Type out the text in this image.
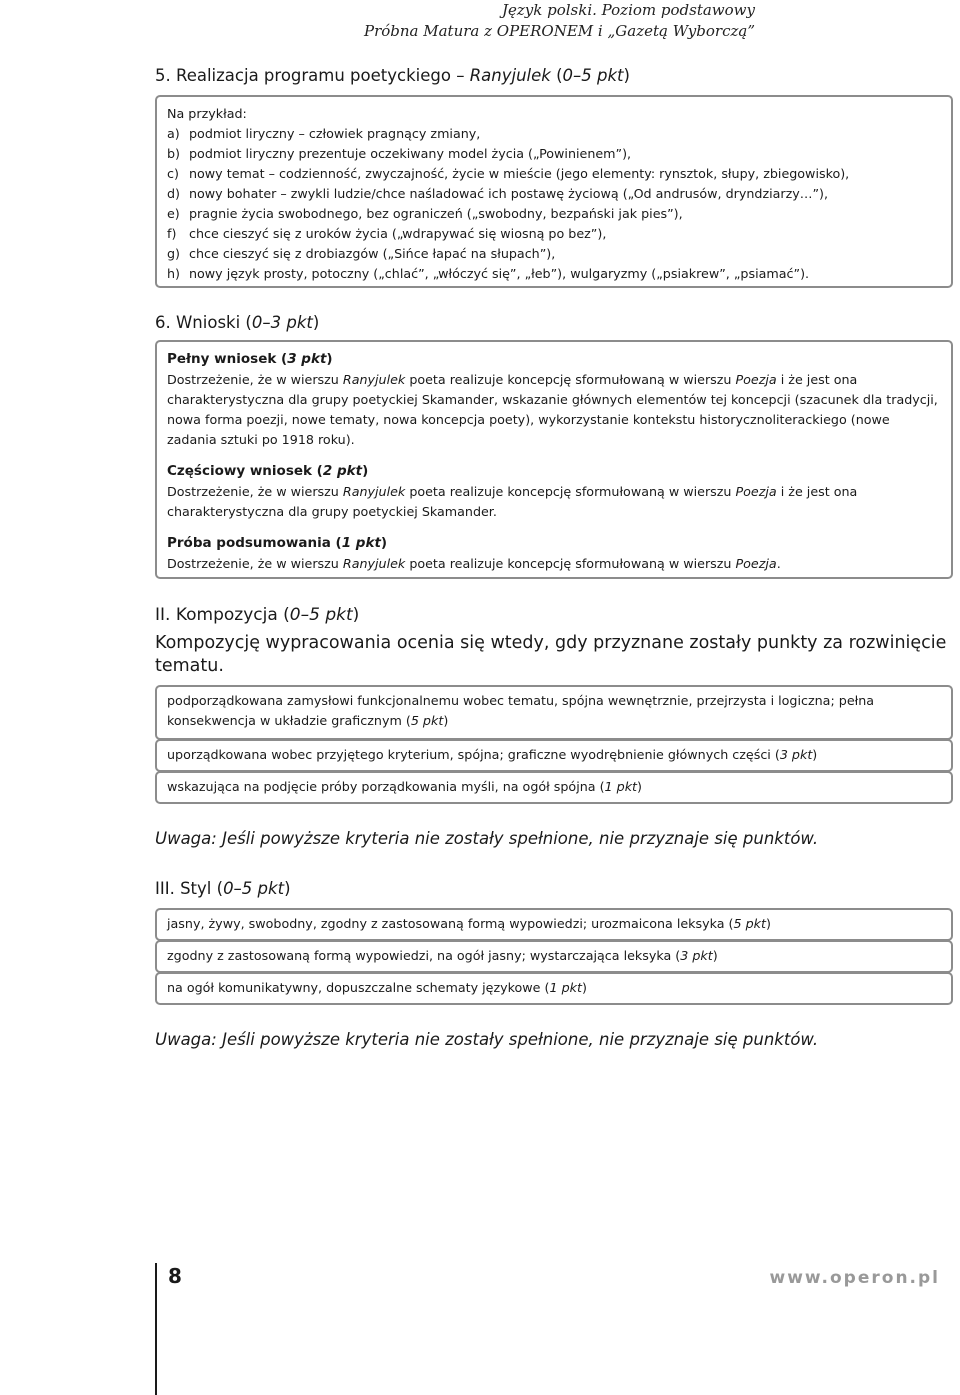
Język polski. Poziom podstawowy
Próbna Matura z OPERONEM i „Gazetą Wyborczą”
5. Realizacja programu poetyckiego – Ranyjulek (0–5 pkt)
Na przykład:
a) podmiot liryczny – człowiek pragnący zmiany,
b) podmiot liryczny prezentuje oczekiwany model życia („Powinienem”),
c) nowy temat – codzienność, zwyczajność, życie w mieście (jego elementy: rynsztok, słupy, zbiegowisko),
d) nowy bohater – zwykli ludzie/chce naśladować ich postawę życiową („Od andrusów, dryndziarzy…”),
e) pragnie życia swobodnego, bez ograniczeń („swobodny, bezpański jak pies”),
f) chce cieszyć się z uroków życia („wdrapywać się wiosną po bez”),
g) chce cieszyć się z drobiazgów („Sińce łapać na słupach”),
h) nowy język prosty, potoczny („chlać”, „włóczyć się”, „łeb”), wulgaryzmy („psiakrew”, „psiamać”).
6. Wnioski (0–3 pkt)
Pełny wniosek (3 pkt)
Dostrzeżenie, że w wierszu Ranyjulek poeta realizuje koncepcję sformułowaną w wierszu Poezja i że jest ona charakterystyczna dla grupy poetyckiej Skamander, wskazanie głównych elementów tej koncepcji (szacunek dla tradycji, nowa forma poezji, nowe tematy, nowa koncepcja poety), wykorzystanie kontekstu historycznoliterackiego (nowe zadania sztuki po 1918 roku).
Częściowy wniosek (2 pkt)
Dostrzeżenie, że w wierszu Ranyjulek poeta realizuje koncepcję sformułowaną w wierszu Poezja i że jest ona charakterystyczna dla grupy poetyckiej Skamander.
Próba podsumowania (1 pkt)
Dostrzeżenie, że w wierszu Ranyjulek poeta realizuje koncepcję sformułowaną w wierszu Poezja.
II. Kompozycja (0–5 pkt)
Kompozycję wypracowania ocenia się wtedy, gdy przyznane zostały punkty za rozwinięcie tematu.
podporządkowana zamysłowi funkcjonalnemu wobec tematu, spójna wewnętrznie, przejrzysta i logiczna; pełna konsekwencja w układzie graficznym (5 pkt)
uporządkowana wobec przyjętego kryterium, spójna; graficzne wyodrębnienie głównych części (3 pkt)
wskazująca na podjęcie próby porządkowania myśli, na ogół spójna (1 pkt)
Uwaga: Jeśli powyższe kryteria nie zostały spełnione, nie przyznaje się punktów.
III. Styl (0–5 pkt)
jasny, żywy, swobodny, zgodny z zastosowaną formą wypowiedzi; urozmaicona leksyka (5 pkt)
zgodny z zastosowaną formą wypowiedzi, na ogół jasny; wystarczająca leksyka (3 pkt)
na ogół komunikatywny, dopuszczalne schematy językowe (1 pkt)
Uwaga: Jeśli powyższe kryteria nie zostały spełnione, nie przyznaje się punktów.
8	www.operon.pl
